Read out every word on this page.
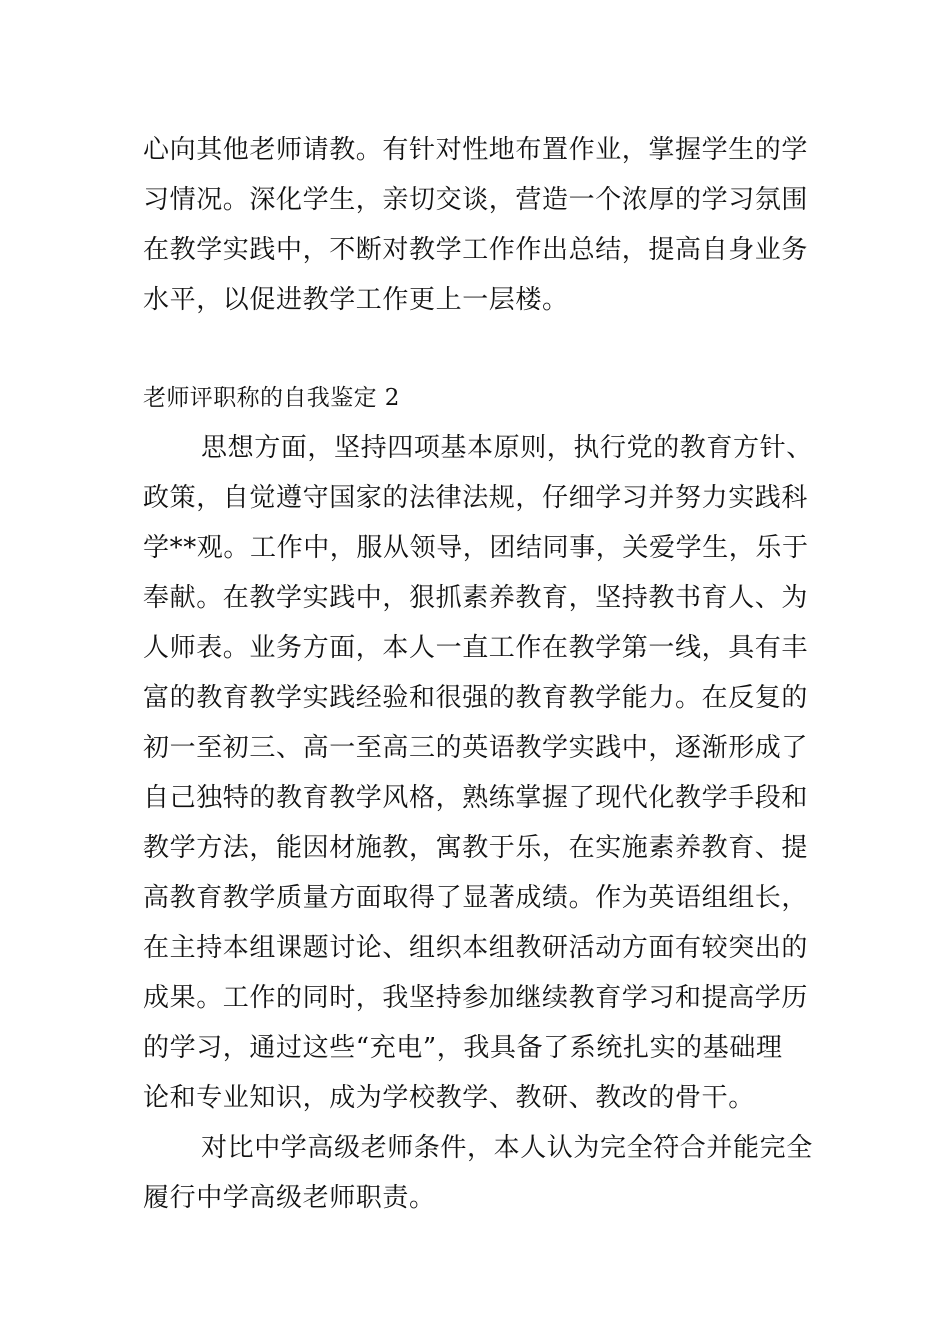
心向其他老师请教。有针对性地布置作业，掌握学生的学
习情况。深化学生，亲切交谈，营造一个浓厚的学习氛围
在教学实践中，不断对教学工作作出总结，提高自身业务
水平，以促进教学工作更上一层楼。
老师评职称的自我鉴定 2
思想方面，坚持四项基本原则，执行党的教育方针、
政策，自觉遵守国家的法律法规，仔细学习并努力实践科
学**观。工作中，服从领导，团结同事，关爱学生，乐于
奉献。在教学实践中，狠抓素养教育，坚持教书育人、为
人师表。业务方面，本人一直工作在教学第一线，具有丰
富的教育教学实践经验和很强的教育教学能力。在反复的
初一至初三、高一至高三的英语教学实践中，逐渐形成了
自己独特的教育教学风格，熟练掌握了现代化教学手段和
教学方法，能因材施教，寓教于乐，在实施素养教育、提
高教育教学质量方面取得了显著成绩。作为英语组组长，
在主持本组课题讨论、组织本组教研活动方面有较突出的
成果。工作的同时，我坚持参加继续教育学习和提高学历
的学习，通过这些“充电”，我具备了系统扎实的基础理
论和专业知识，成为学校教学、教研、教改的骨干。
对比中学高级老师条件，本人认为完全符合并能完全
履行中学高级老师职责。
